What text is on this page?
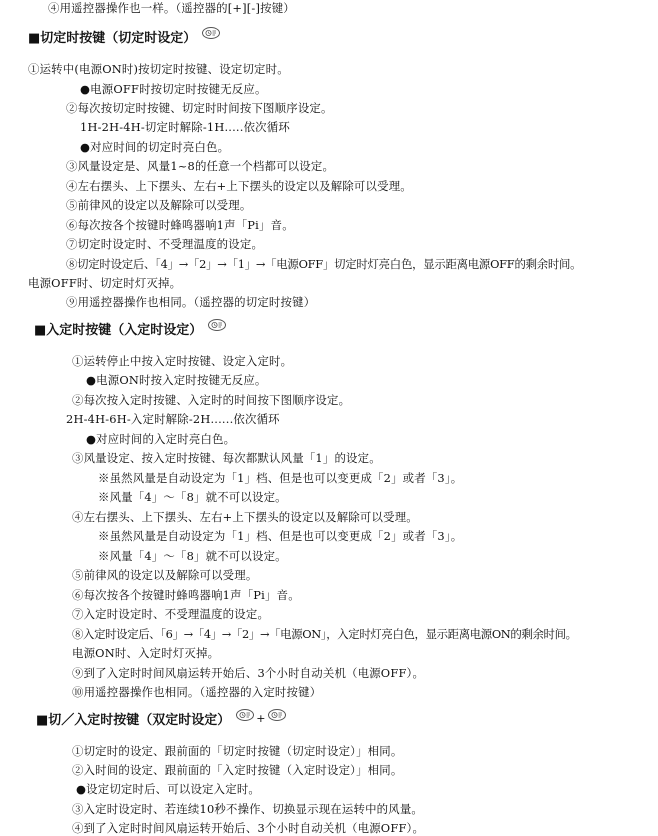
④用遥控器操作也一样。（遥控器的[+][-]按键）
■切定时按键（切定时设定）
①运转中(电源ON时)按切定时按键、设定切定时。
●电源OFF时按切定时按键无反应。
②每次按切定时按键、切定时时间按下图顺序设定。
1H-2H-4H-切定时解除-1H.....依次循环
●对应时间的切定时亮白色。
③风量设定是、风量1~8的任意一个档都可以设定。
④左右摆头、上下摆头、左右+上下摆头的设定以及解除可以受理。
⑤前律风的设定以及解除可以受理。
⑥每次按各个按键时蜂鸣器响1声「Pi」音。
⑦切定时设定时、不受理温度的设定。
⑧切定时设定后、「4」→「2」→「1」→「电源OFF」切定时灯亮白色，显示距离电源OFF的剩余时间。
电源OFF时、切定时灯灭掉。
⑨用遥控器操作也相同。（遥控器的切定时按键）
■入定时按键（入定时设定）
①运转停止中按入定时按键、设定入定时。
●电源ON时按入定时按键无反应。
②每次按入定时按键、入定时的时间按下图顺序设定。
2H-4H-6H-入定时解除-2H......依次循环
●对应时间的入定时亮白色。
③风量设定、按入定时按键、每次都默认风量「1」的设定。
※虽然风量是自动设定为「1」档、但是也可以变更成「2」或者「3」。
※风量「4」～「8」就不可以设定。
④左右摆头、上下摆头、左右+上下摆头的设定以及解除可以受理。
※虽然风量是自动设定为「1」档、但是也可以变更成「2」或者「3」。
※风量「4」～「8」就不可以设定。
⑤前律风的设定以及解除可以受理。
⑥每次按各个按键时蜂鸣器响1声「Pi」音。
⑦入定时设定时、不受理温度的设定。
⑧入定时设定后、「6」→「4」→「2」→「电源ON」，入定时灯亮白色，显示距离电源ON的剩余时间。
电源ON时、入定时灯灭掉。
⑨到了入定时时间风扇运转开始后、3个小时自动关机（电源OFF）。
⑩用遥控器操作也相同。（遥控器的入定时按键）
■切／入定时按键（双定时设定） +
①切定时的设定、跟前面的「切定时按键（切定时设定）」相同。
②入时间的设定、跟前面的「入定时按键（入定时设定）」相同。
●设定切定时后、可以设定入定时。
③入定时设定时、若连续10秒不操作、切换显示现在运转中的风量。
④到了入定时时间风扇运转开始后、3个小时自动关机（电源OFF）。
